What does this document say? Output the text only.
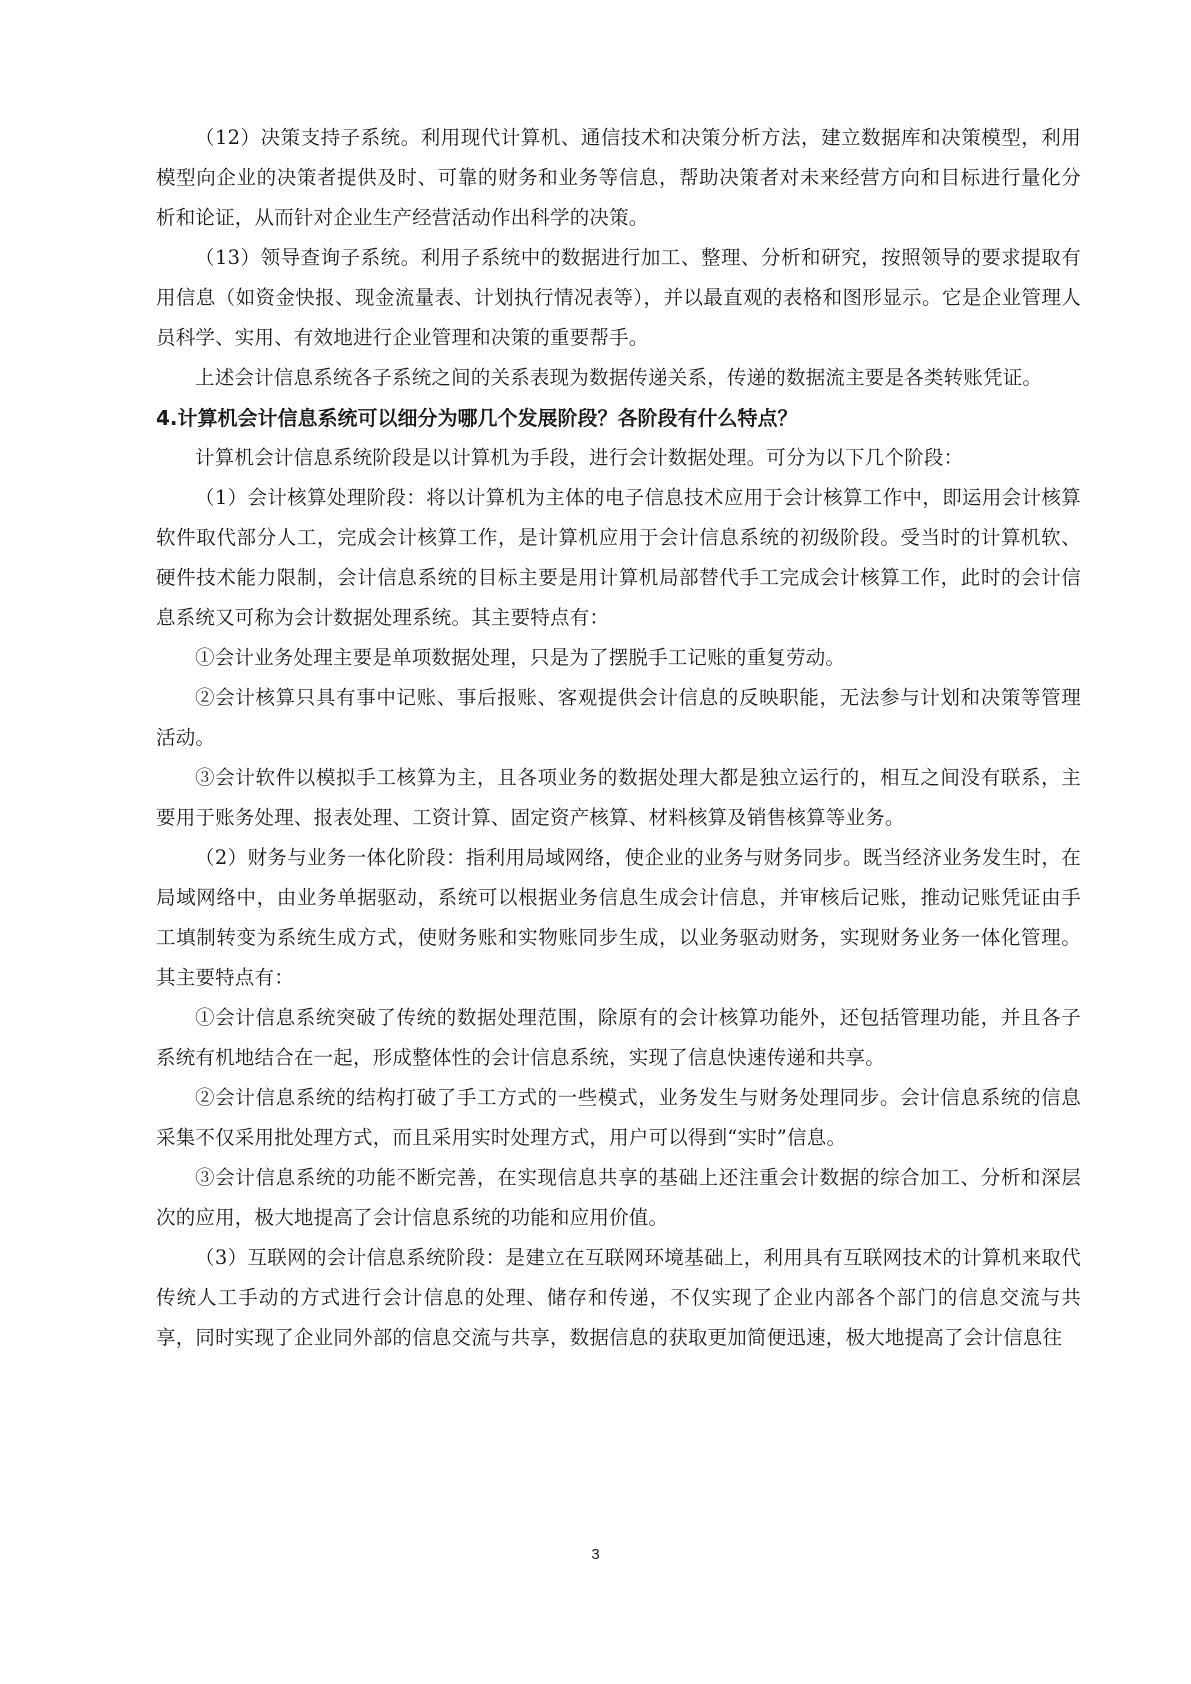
（12）决策支持子系统。利用现代计算机、通信技术和决策分析方法，建立数据库和决策模型，利用模型向企业的决策者提供及时、可靠的财务和业务等信息，帮助决策者对未来经营方向和目标进行量化分析和论证，从而针对企业生产经营活动作出科学的决策。

（13）领导查询子系统。利用子系统中的数据进行加工、整理、分析和研究，按照领导的要求提取有用信息（如资金快报、现金流量表、计划执行情况表等），并以最直观的表格和图形显示。它是企业管理人员科学、实用、有效地进行企业管理和决策的重要帮手。

上述会计信息系统各子系统之间的关系表现为数据传递关系，传递的数据流主要是各类转账凭证。

4.计算机会计信息系统可以细分为哪几个发展阶段？各阶段有什么特点？

计算机会计信息系统阶段是以计算机为手段，进行会计数据处理。可分为以下几个阶段：

（1）会计核算处理阶段：将以计算机为主体的电子信息技术应用于会计核算工作中，即运用会计核算软件取代部分人工，完成会计核算工作，是计算机应用于会计信息系统的初级阶段。受当时的计算机软、硬件技术能力限制，会计信息系统的目标主要是用计算机局部替代手工完成会计核算工作，此时的会计信息系统又可称为会计数据处理系统。其主要特点有：

①会计业务处理主要是单项数据处理，只是为了摆脱手工记账的重复劳动。

②会计核算只具有事中记账、事后报账、客观提供会计信息的反映职能，无法参与计划和决策等管理活动。

③会计软件以模拟手工核算为主，且各项业务的数据处理大都是独立运行的，相互之间没有联系，主要用于账务处理、报表处理、工资计算、固定资产核算、材料核算及销售核算等业务。

（2）财务与业务一体化阶段：指利用局域网络，使企业的业务与财务同步。既当经济业务发生时，在局域网络中，由业务单据驱动，系统可以根据业务信息生成会计信息，并审核后记账，推动记账凭证由手工填制转变为系统生成方式，使财务账和实物账同步生成，以业务驱动财务，实现财务业务一体化管理。其主要特点有：

①会计信息系统突破了传统的数据处理范围，除原有的会计核算功能外，还包括管理功能，并且各子系统有机地结合在一起，形成整体性的会计信息系统，实现了信息快速传递和共享。

②会计信息系统的结构打破了手工方式的一些模式，业务发生与财务处理同步。会计信息系统的信息采集不仅采用批处理方式，而且采用实时处理方式，用户可以得到“实时”信息。

③会计信息系统的功能不断完善，在实现信息共享的基础上还注重会计数据的综合加工、分析和深层次的应用，极大地提高了会计信息系统的功能和应用价值。

（3）互联网的会计信息系统阶段：是建立在互联网环境基础上，利用具有互联网技术的计算机来取代传统人工手动的方式进行会计信息的处理、储存和传递，不仅实现了企业内部各个部门的信息交流与共享，同时实现了企业同外部的信息交流与共享，数据信息的获取更加简便迅速，极大地提高了会计信息往

3
